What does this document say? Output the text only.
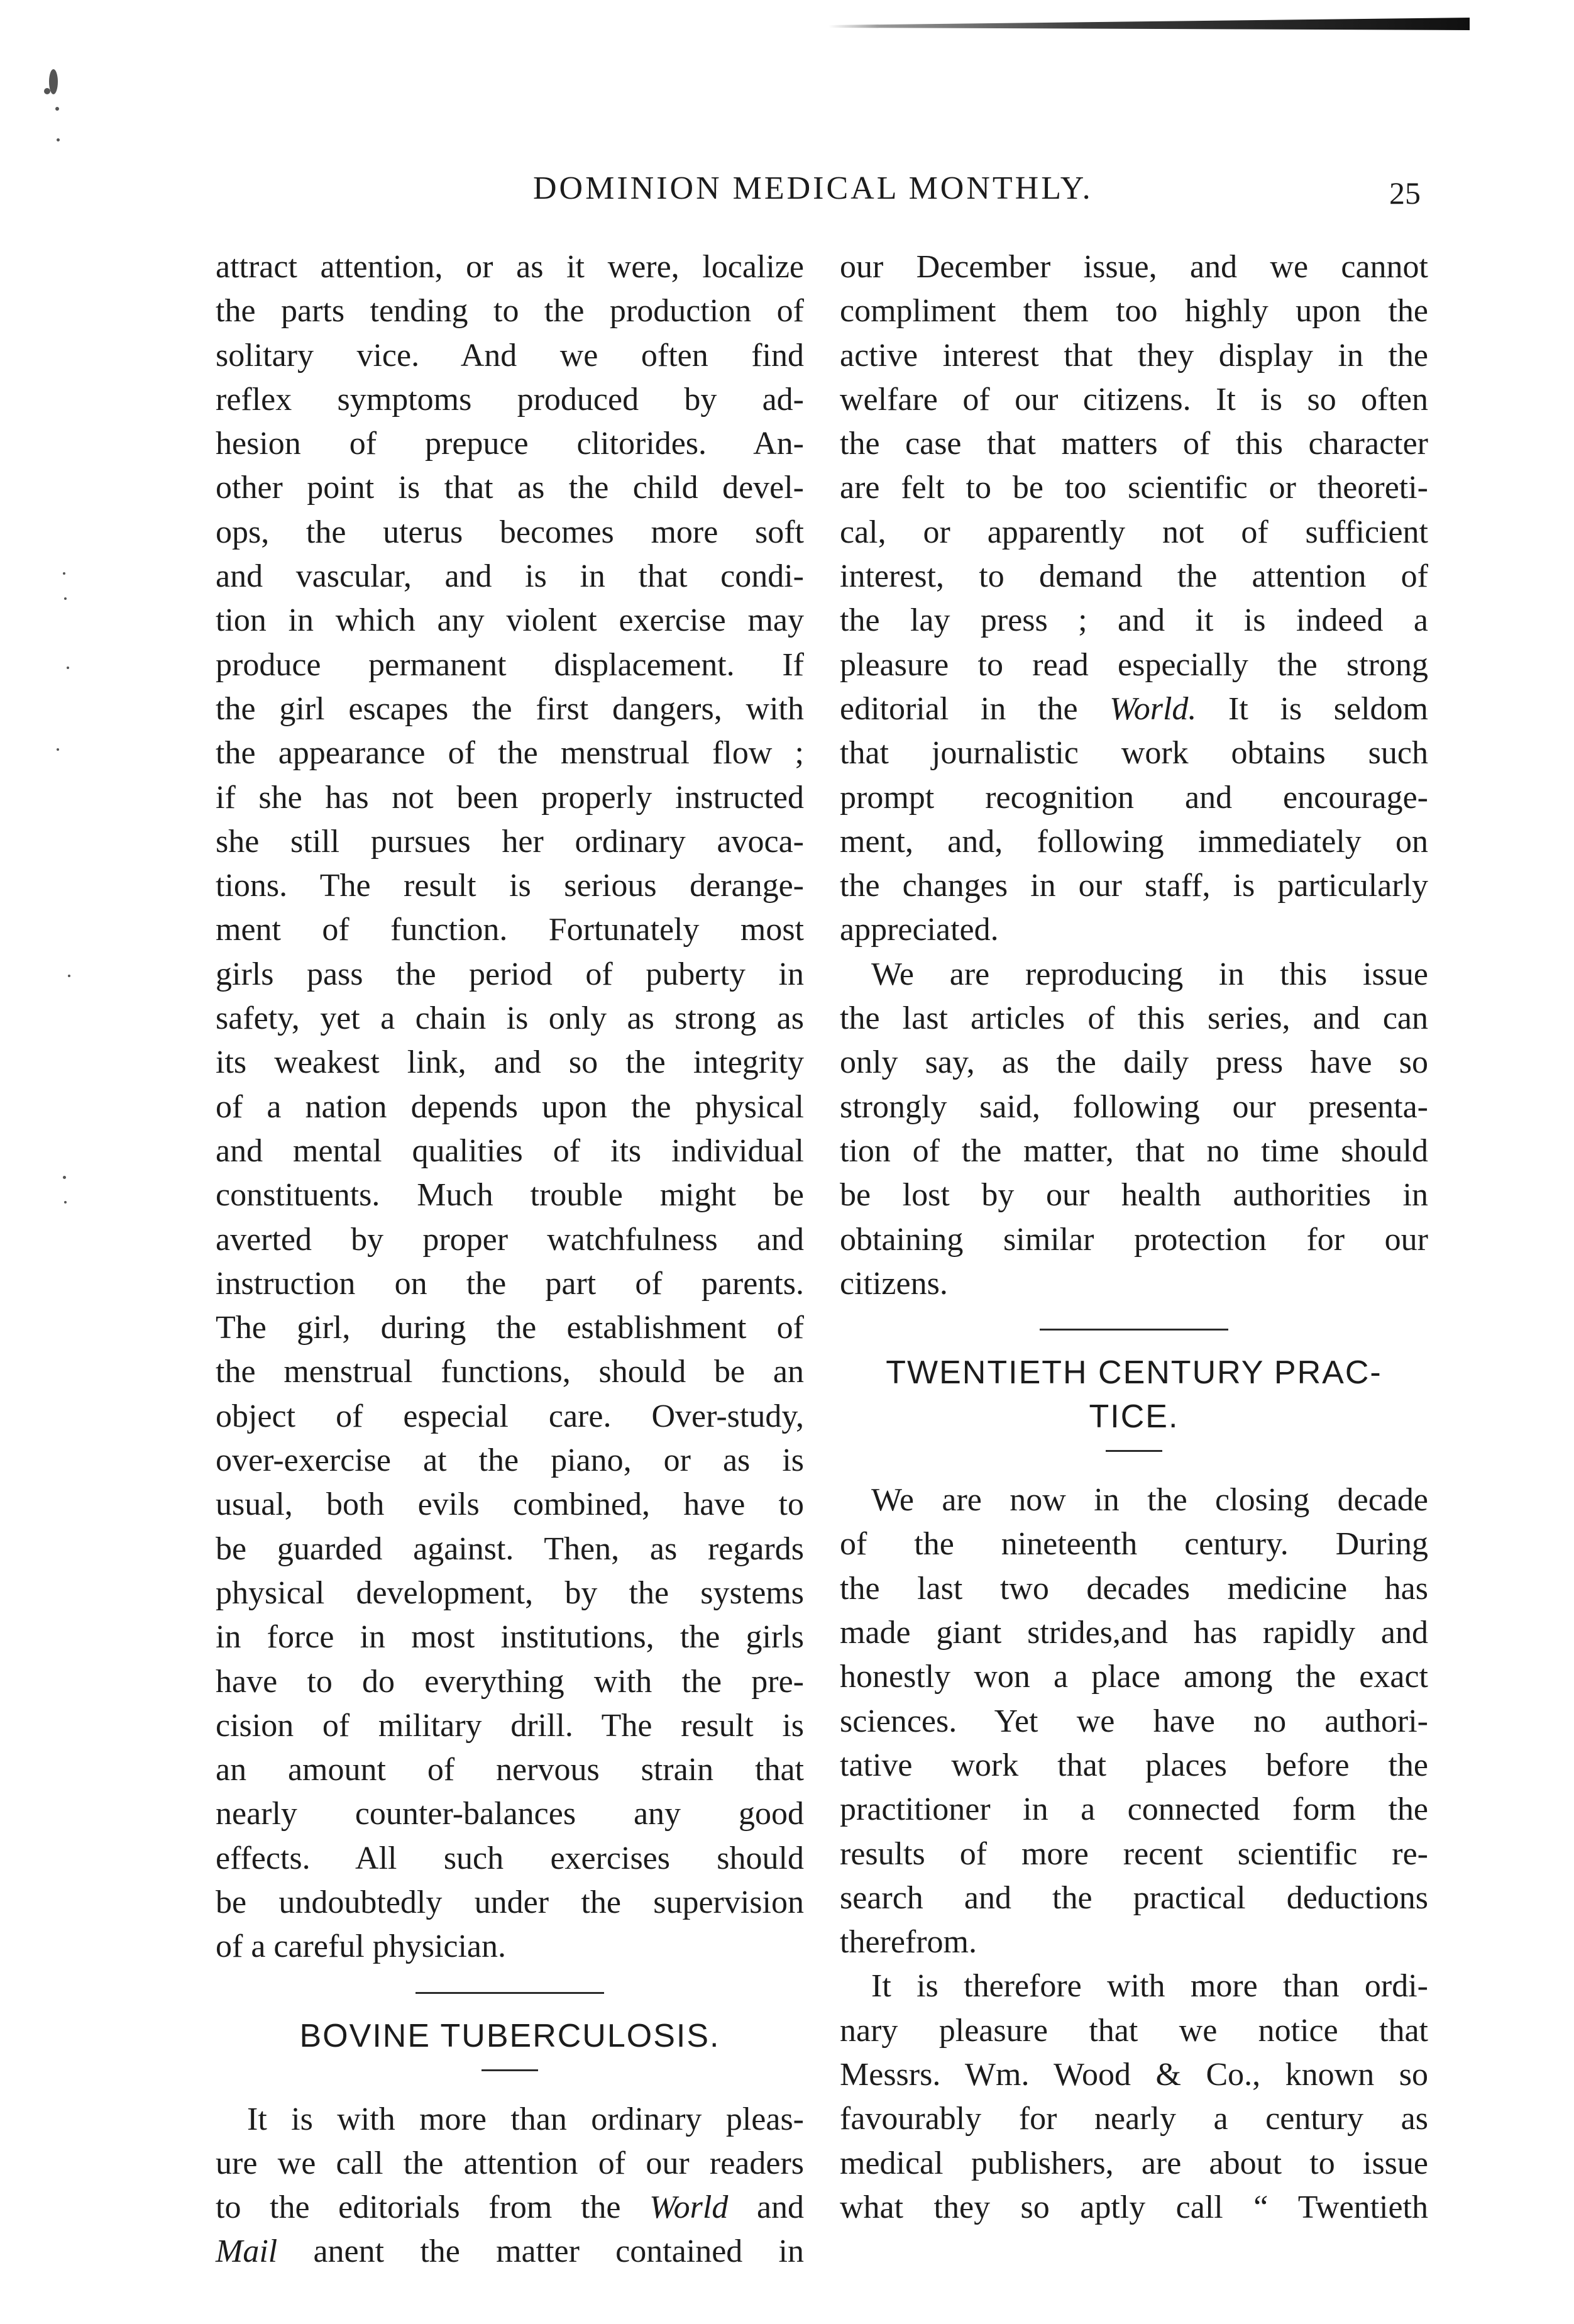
DOMINION MEDICAL MONTHLY.	25
attract attention, or as it were, localize
the parts tending to the production of
solitary vice. And we often find
reflex symptoms produced by ad-
hesion of prepuce clitorides. An-
other point is that as the child devel-
ops, the uterus becomes more soft
and vascular, and is in that condi-
tion in which any violent exercise may
produce permanent displacement. If
the girl escapes the first dangers, with
the appearance of the menstrual flow ;
if she has not been properly instructed
she still pursues her ordinary avoca-
tions. The result is serious derange-
ment of function. Fortunately most
girls pass the period of puberty in
safety, yet a chain is only as strong as
its weakest link, and so the integrity
of a nation depends upon the physical
and mental qualities of its individual
constituents. Much trouble might be
averted by proper watchfulness and
instruction on the part of parents.
The girl, during the establishment of
the menstrual functions, should be an
object of especial care. Over-study,
over-exercise at the piano, or as is
usual, both evils combined, have to
be guarded against. Then, as regards
physical development, by the systems
in force in most institutions, the girls
have to do everything with the pre-
cision of military drill. The result is
an amount of nervous strain that
nearly counter-balances any good
effects. All such exercises should
be undoubtedly under the supervision
of a careful physician.
BOVINE TUBERCULOSIS.
It is with more than ordinary pleas-
ure we call the attention of our readers
to the editorials from the World and
Mail anent the matter contained in
our December issue, and we cannot
compliment them too highly upon the
active interest that they display in the
welfare of our citizens. It is so often
the case that matters of this character
are felt to be too scientific or theoreti-
cal, or apparently not of sufficient
interest, to demand the attention of
the lay press ; and it is indeed a
pleasure to read especially the strong
editorial in the World. It is seldom
that journalistic work obtains such
prompt recognition and encourage-
ment, and, following immediately on
the changes in our staff, is particularly
appreciated.
We are reproducing in this issue
the last articles of this series, and can
only say, as the daily press have so
strongly said, following our presenta-
tion of the matter, that no time should
be lost by our health authorities in
obtaining similar protection for our
citizens.
TWENTIETH CENTURY PRAC-
TICE.
We are now in the closing decade
of the nineteenth century. During
the last two decades medicine has
made giant strides,and has rapidly and
honestly won a place among the exact
sciences. Yet we have no authori-
tative work that places before the
practitioner in a connected form the
results of more recent scientific re-
search and the practical deductions
therefrom.
It is therefore with more than ordi-
nary pleasure that we notice that
Messrs. Wm. Wood & Co., known so
favourably for nearly a century as
medical publishers, are about to issue
what they so aptly call “ Twentieth
